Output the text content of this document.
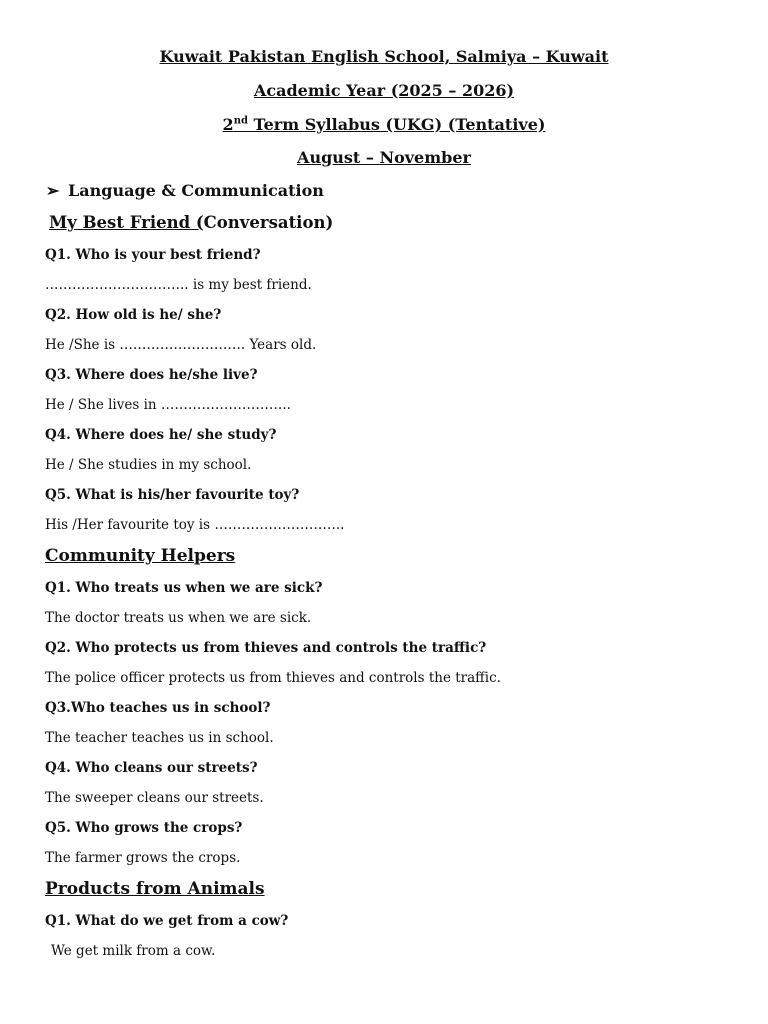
Kuwait Pakistan English School, Salmiya – Kuwait
Academic Year (2025 – 2026)
2nd Term Syllabus (UKG) (Tentative)
August – November
➢ Language & Communication
My Best Friend (Conversation)
Q1. Who is your best friend?
………………………….. is my best friend.
Q2. How old is he/ she?
He /She is ………………………. Years old.
Q3. Where does he/she live?
He / She lives in ………………………..
Q4. Where does he/ she study?
He / She studies in my school.
Q5. What is his/her favourite toy?
His /Her favourite toy is ………………………..
Community Helpers
Q1. Who treats us when we are sick?
The doctor treats us when we are sick.
Q2. Who protects us from thieves and controls the traffic?
The police officer protects us from thieves and controls the traffic.
Q3.Who teaches us in school?
The teacher teaches us in school.
Q4. Who cleans our streets?
The sweeper cleans our streets.
Q5. Who grows the crops?
The farmer grows the crops.
Products from Animals
Q1. What do we get from a cow?
We get milk from a cow.
